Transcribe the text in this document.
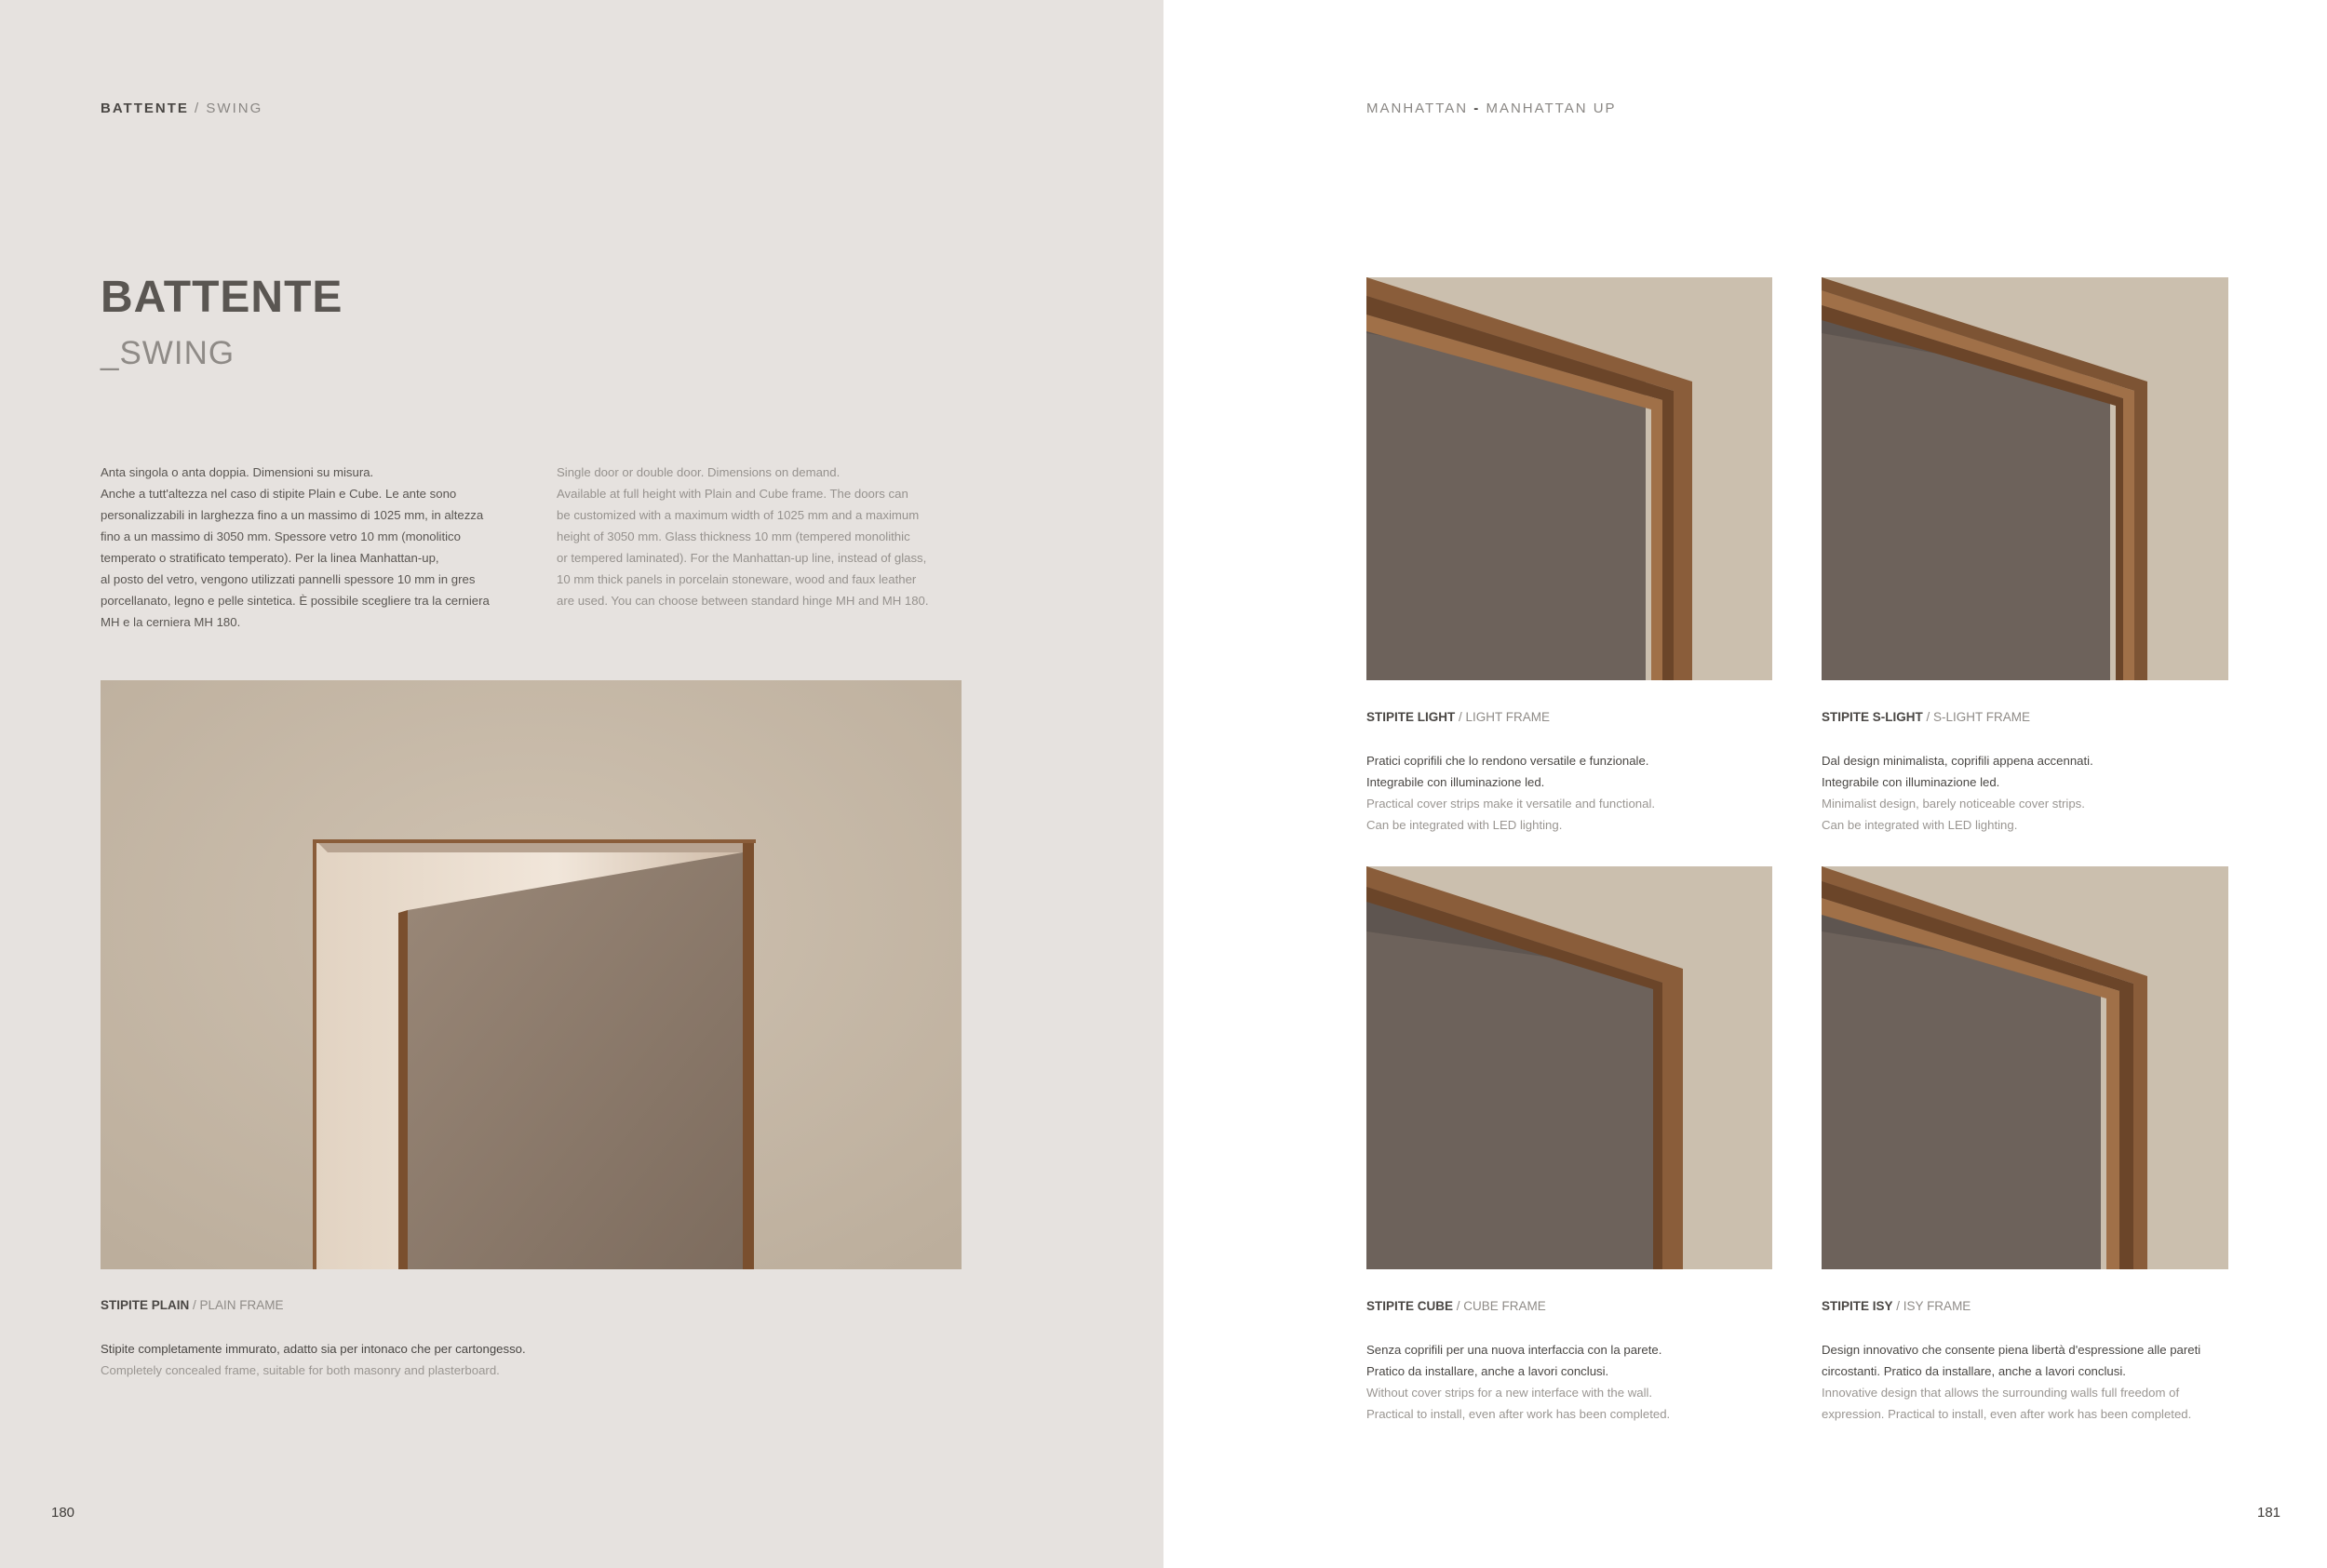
BATTENTE / SWING
BATTENTE
_SWING
Anta singola o anta doppia. Dimensioni su misura.
Anche a tutt'altezza nel caso di stipite Plain e Cube. Le ante sono
personalizzabili in larghezza fino a un massimo di 1025 mm, in altezza
fino a un massimo di 3050 mm. Spessore vetro 10 mm (monolitico
temperato o stratificato temperato). Per la linea Manhattan-up,
al posto del vetro, vengono utilizzati pannelli spessore 10 mm in gres
porcellanato, legno e pelle sintetica. È possibile scegliere tra la cerniera
MH e la cerniera MH 180.
Single door or double door. Dimensions on demand.
Available at full height with Plain and Cube frame. The doors can
be customized with a maximum width of 1025 mm and a maximum
height of 3050 mm. Glass thickness 10 mm (tempered monolithic
or tempered laminated). For the Manhattan-up line, instead of glass,
10 mm thick panels in porcelain stoneware, wood and faux leather
are used. You can choose between standard hinge MH and MH 180.
STIPITE PLAIN / PLAIN FRAME
Stipite completamente immurato, adatto sia per intonaco che per cartongesso.
Completely concealed frame, suitable for both masonry and plasterboard.
180
MANHATTAN - MANHATTAN UP
STIPITE LIGHT / LIGHT FRAME
Pratici coprifili che lo rendono versatile e funzionale.
Integrabile con illuminazione led.
Practical cover strips make it versatile and functional.
Can be integrated with LED lighting.
STIPITE S-LIGHT / S-LIGHT FRAME
Dal design minimalista, coprifili appena accennati.
Integrabile con illuminazione led.
Minimalist design, barely noticeable cover strips.
Can be integrated with LED lighting.
STIPITE CUBE / CUBE FRAME
Senza coprifili per una nuova interfaccia con la parete.
Pratico da installare, anche a lavori conclusi.
Without cover strips for a new interface with the wall.
Practical to install, even after work has been completed.
STIPITE ISY / ISY FRAME
Design innovativo che consente piena libertà d'espressione alle pareti
circostanti. Pratico da installare, anche a lavori conclusi.
Innovative design that allows the surrounding walls full freedom of
expression. Practical to install, even after work has been completed.
181
